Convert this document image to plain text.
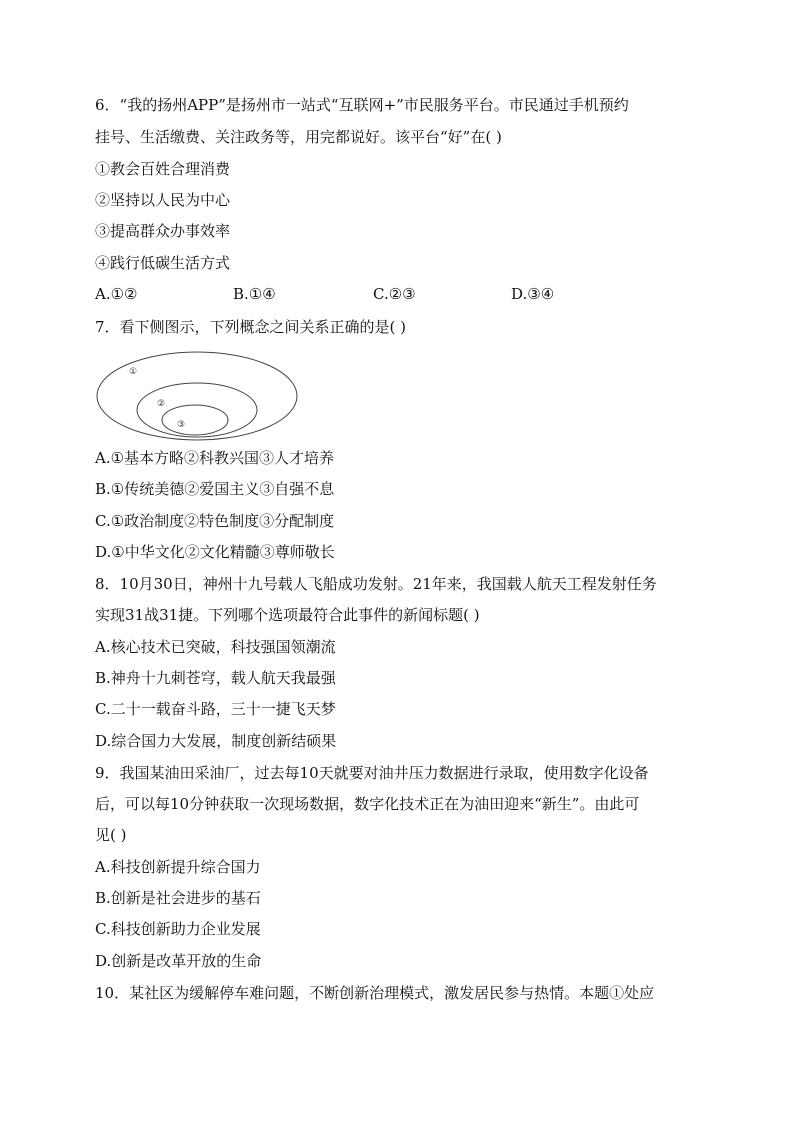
6．“我的扬州APP”是扬州市一站式“互联网+”市民服务平台。市民通过手机预约
挂号、生活缴费、关注政务等，用完都说好。该平台“好”在( )
①教会百姓合理消费
②坚持以人民为中心
③提高群众办事效率
④践行低碳生活方式
A.①②	B.①④	C.②③	D.③④
7．看下侧图示，下列概念之间关系正确的是( )
①
②
③
A.①基本方略②科教兴国③人才培养
B.①传统美德②爱国主义③自强不息
C.①政治制度②特色制度③分配制度
D.①中华文化②文化精髓③尊师敬长
8．10月30日，神州十九号载人飞船成功发射。21年来，我国载人航天工程发射任务
实现31战31捷。下列哪个选项最符合此事件的新闻标题( )
A.核心技术已突破，科技强国领潮流
B.神舟十九刺苍穹，载人航天我最强
C.二十一载奋斗路，三十一捷飞天梦
D.综合国力大发展，制度创新结硕果
9．我国某油田采油厂，过去每10天就要对油井压力数据进行录取，使用数字化设备
后，可以每10分钟获取一次现场数据，数字化技术正在为油田迎来“新生”。由此可
见( )
A.科技创新提升综合国力
B.创新是社会进步的基石
C.科技创新助力企业发展
D.创新是改革开放的生命
10．某社区为缓解停车难问题，不断创新治理模式，激发居民参与热情。本题①处应
